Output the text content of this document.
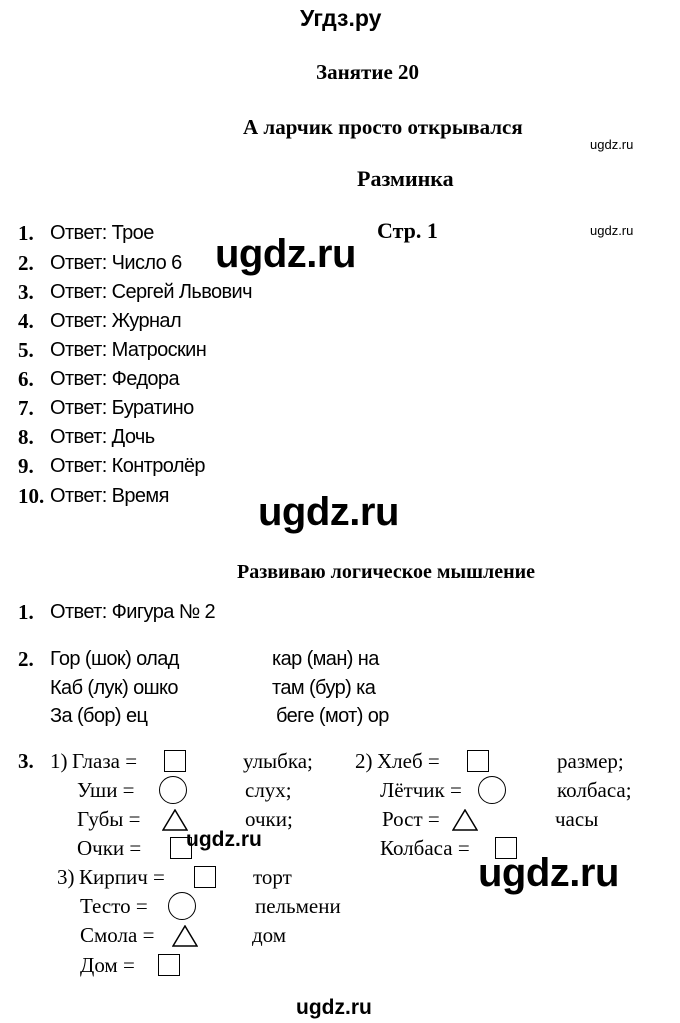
Угдз.ру
Занятие 20
А ларчик просто открывался
Разминка
Стр. 1
1. Ответ: Трое
2. Ответ: Число 6
3. Ответ: Сергей Львович
4. Ответ: Журнал
5. Ответ: Матроскин
6. Ответ: Федора
7. Ответ: Буратино
8. Ответ: Дочь
9. Ответ: Контролёр
10. Ответ: Время
Развиваю логическое мышление
1. Ответ: Фигура № 2
2. Гор (шок) олад	кар (ман) на
Каб (лук) ошко	там (бур) ка
За (бор) ец	беге (мот) ор
3. 1) Глаза =	улыбка;
Уши =	слух;
Губы =	очки;
Очки =
2) Хлеб =	размер;
Лётчик =	колбаса;
Рост =	часы
Колбаса =
3) Кирпич =	торт
Тесто =	пельмени
Смола =	дом
Дом =
ugdz.ru
ugdz.ru
ugdz.ru
ugdz.ru
ugdz.ru
ugdz.ru
ugdz.ru
